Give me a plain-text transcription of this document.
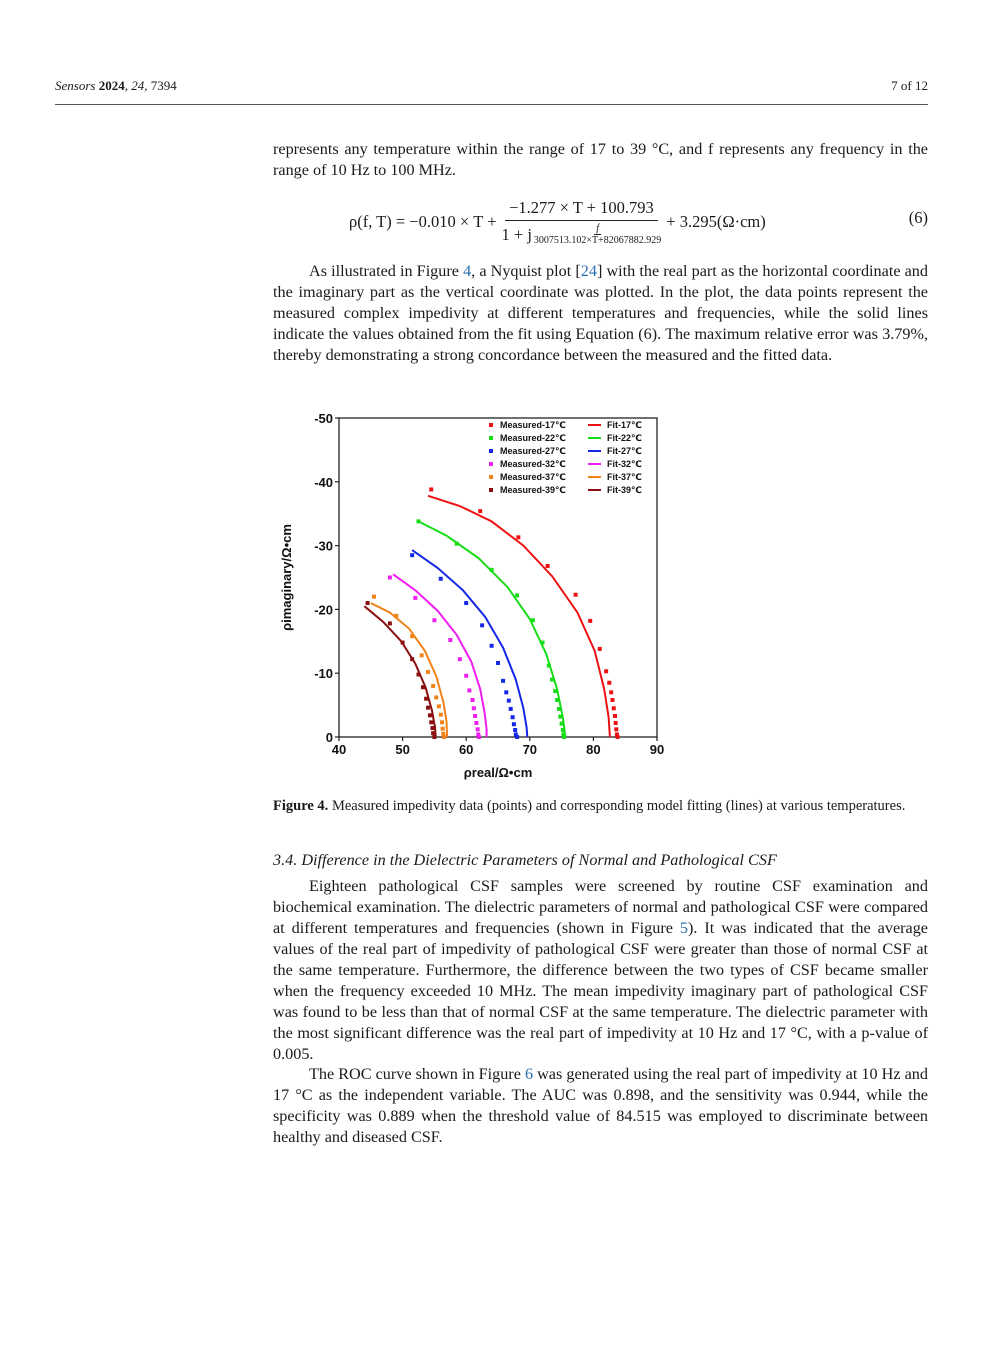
Sensors 2024, 24, 7394	7 of 12
represents any temperature within the range of 17 to 39 °C, and f represents any frequency in the range of 10 Hz to 100 MHz.
ρ(f, T) = −0.010 × T +
−1.277 × T + 100.793
1 + j $\frac{f}{3007513.102\times T+82067882.929}$
+ 3.295(Ω·cm)	(6)
As illustrated in Figure 4, a Nyquist plot [24] with the real part as the horizontal coordinate and the imaginary part as the vertical coordinate was plotted. In the plot, the data points represent the measured complex impedivity at different temperatures and frequencies, while the solid lines indicate the values obtained from the fit using Equation (6). The maximum relative error was 3.79%, thereby demonstrating a strong concordance between the measured and the fitted data.
40	50	60	70	80	90
-50
-40
-30
-20
-10
0
ρreal/Ω•cm
ρimaginary/Ω•cm
Measured-17℃
Measured-22℃
Measured-27℃
Measured-32℃
Measured-37℃
Measured-39℃
Fit-17℃
Fit-22℃
Fit-27℃
Fit-32℃
Fit-37℃
Fit-39℃
Figure 4. Measured impedivity data (points) and corresponding model fitting (lines) at various temperatures.
3.4. Difference in the Dielectric Parameters of Normal and Pathological CSF
Eighteen pathological CSF samples were screened by routine CSF examination and biochemical examination. The dielectric parameters of normal and pathological CSF were compared at different temperatures and frequencies (shown in Figure 5). It was indicated that the average values of the real part of impedivity of pathological CSF were greater than those of normal CSF at the same temperature. Furthermore, the difference between the two types of CSF became smaller when the frequency exceeded 10 MHz. The mean impedivity imaginary part of pathological CSF was found to be less than that of normal CSF at the same temperature. The dielectric parameter with the most significant difference was the real part of impedivity at 10 Hz and 17 °C, with a p-value of 0.005.
The ROC curve shown in Figure 6 was generated using the real part of impedivity at 10 Hz and 17 °C as the independent variable. The AUC was 0.898, and the sensitivity was 0.944, while the specificity was 0.889 when the threshold value of 84.515 was employed to discriminate between healthy and diseased CSF.
